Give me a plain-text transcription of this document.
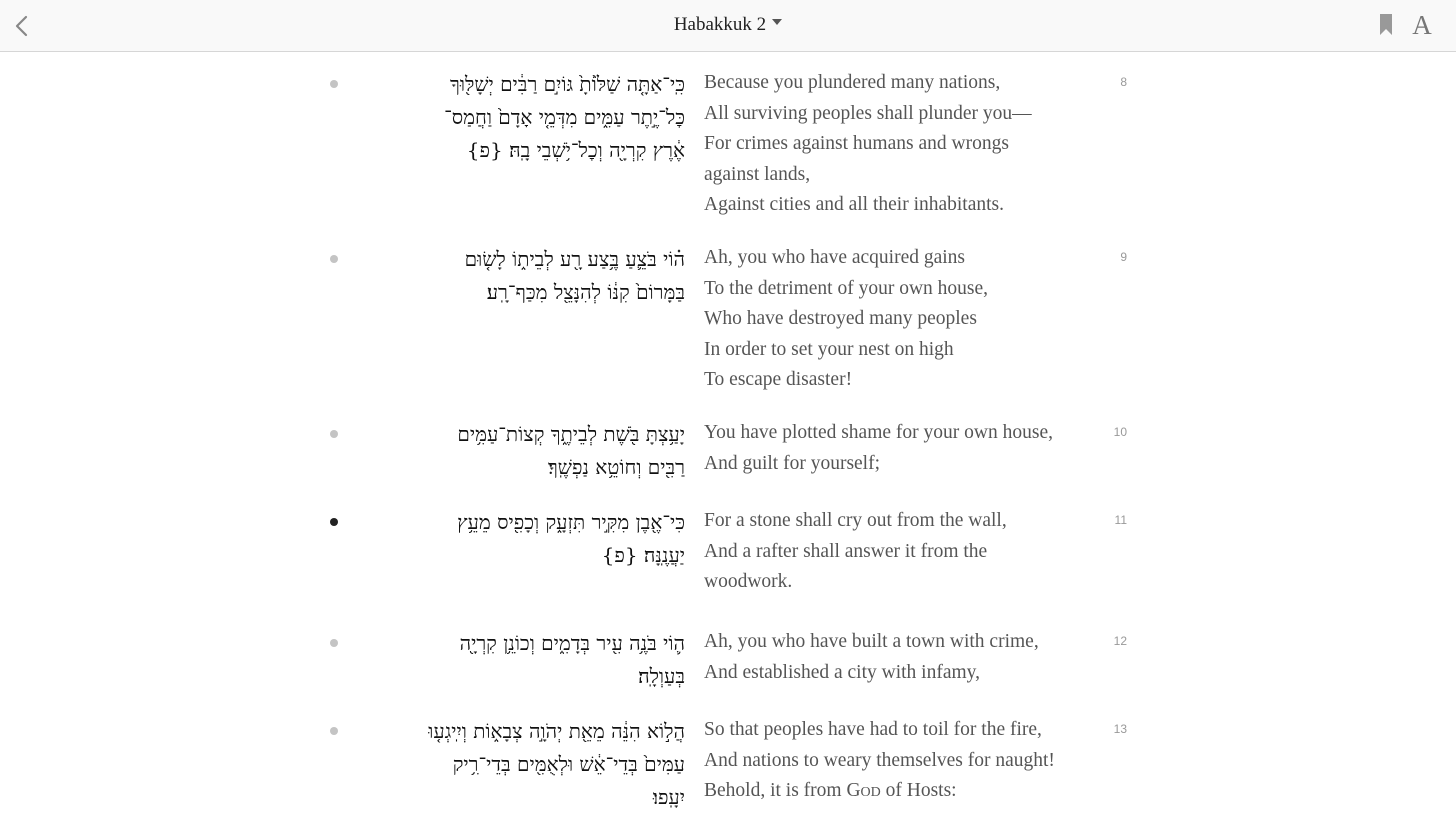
Habakkuk 2	A
כִּֽי־אַתָּ֤ה שַׁלּ֙וֹתָ֙ גּוֹיִ֣ם רַבִּ֔ים יְשָׁלּ֖וּךָ
כׇּל־יֶ֣תֶר עַמִּ֑ים מִדְּמֵ֤י אָדָם֙ וַחֲמַס־
אֶ֔רֶץ קִרְיָ֖ה וְכׇל־יֹ֥שְׁבֵי בָֽהּ׃ {פ}
Because you plundered many nations,
All surviving peoples shall plunder you—
For crimes against humans and wrongs
against lands,
Against cities and all their inhabitants.
8
ה֗וֹי בֹּצֵ֛עַ בֶּ֥צַע רָ֖ע לְבֵית֑וֹ לָשׂ֤וּם
בַּמָּרוֹם֙ קִנּ֔וֹ לְהִנָּצֵ֖ל מִכַּף־רָֽע׃
Ah, you who have acquired gains
To the detriment of your own house,
Who have destroyed many peoples
In order to set your nest on high
To escape disaster!
9
יָעַ֥צְתָּ בֹּ֖שֶׁת לְבֵיתֶ֑ךָ קְצוֹת־עַמִּ֥ים
רַבִּ֖ים וְחוֹטֵ֥א נַפְשֶֽׁךָ׃
You have plotted shame for your own house,
And guilt for yourself;
10
כִּי־אֶ֖בֶן מִקִּ֣יר תִּזְעָ֑ק וְכָפִ֖יס מֵעֵ֥ץ
יַעֲנֶֽנָּה׃ {פ}
For a stone shall cry out from the wall,
And a rafter shall answer it from the
woodwork.
11
ה֛וֹי בֹּנֶ֥ה עִ֖יר בְּדָמִ֑ים וְכוֹנֵ֥ן קִרְיָ֖ה
בְּעַוְלָֽה׃
Ah, you who have built a town with crime,
And established a city with infamy,
12
הֲל֣וֹא הִנֵּ֔ה מֵאֵ֖ת יְהֹוָ֣ה צְבָא֑וֹת וְיִֽיגְע֤וּ
עַמִּים֙ בְּדֵי־אֵ֔שׁ וּלְאֻמִּ֖ים בְּדֵי־רִ֥יק
יִעָֽפוּ׃
So that peoples have had to toil for the fire,
And nations to weary themselves for naught!
Behold, it is from God of Hosts:
13
